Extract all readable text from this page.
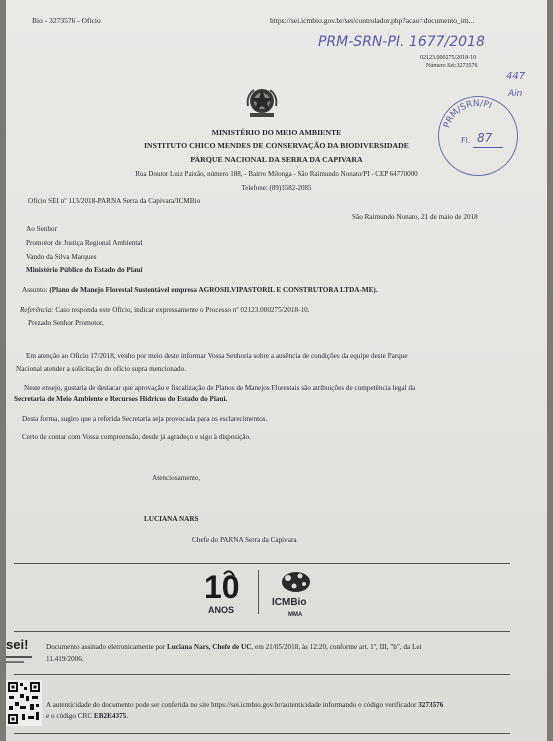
Bio - 3273576 - Ofício	https://sei.icmbio.gov.br/sei/controlador.php?acao=documento_im...
PRM-SRN-PI. 1677/2018
447
Ain
02123.000275/2018-10
Número Sei:3273576
PRM/SRN/PI
Fl. 87
MINISTÉRIO DO MEIO AMBIENTE
INSTITUTO CHICO MENDES DE CONSERVAÇÃO DA BIODIVERSIDADE
PARQUE NACIONAL DA SERRA DA CAPIVARA
Rua Doutor Luiz Paixão, número 188, - Bairro Milonga - São Raimundo Nonato/PI - CEP 64770000
Telefone: (89)3582-2085
Ofício SEI nº 113/2018-PARNA Serra da Capivara/ICMBio
São Raimundo Nonato, 21 de maio de 2018
Ao Senhor
Promotor de Justiça Regional Ambiental
Vando da Silva Marques
Ministério Público do Estado do Piauí
Assunto: (Plano de Manejo Florestal Sustentável empresa AGROSILVIPASTORIL E CONSTRUTORA LTDA-ME).
Referência: Caso responda este Ofício, indicar expressamente o Processo nº 02123.000275/2018-10.
Prezado Senhor Promotor,
Em atenção ao Ofício 17/2018, venho por meio deste informar Vossa Senhoria sobre a ausência de condições da equipe deste Parque
Nacional atender a solicitação do ofício supra mencionado.
Neste ensejo, gostaria de destacar que aprovação e fiscalização de Planos de Manejos Florestais são atribuições de competência legal da
Secretaria de Meio Ambiente e Recursos Hídricos do Estado do Piauí.
Desta forma, sugiro que a referida Secretaria seja provocada para os esclarecimentos.
Certo de contar com Vossa compreensão, desde já agradeço e sigo à disposição.
Atenciosamente,
LUCIANA NARS
Chefe do PARNA Serra da Capivara
10
ANOS
ICMBio
MMA
sei! Documento assinado eletronicamente por Luciana Nars, Chefe de UC, em 21/05/2018, às 12:20, conforme art. 1º, III, "b", da Lei
11.419/2006.
A autenticidade do documento pode ser conferida no site https://sei.icmbio.gov.br/autenticidade informando o código verificador 3273576
e o código CRC EB2E4375.
